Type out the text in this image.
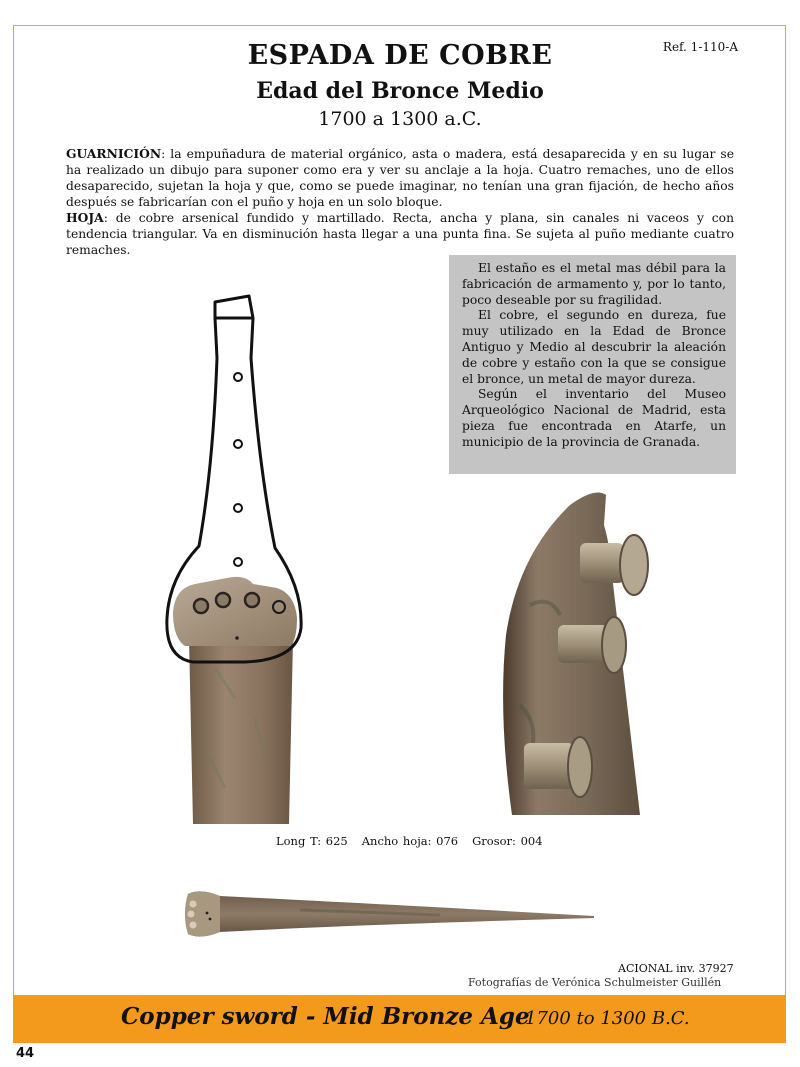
Ref. 1-110-A
ESPADA DE COBRE
Edad del Bronce Medio
1700 a 1300 a.C.

GUARNICIÓN: la empuñadura de material orgánico, asta o madera, está desaparecida y en su lugar se ha realizado un dibujo para suponer como era y ver su anclaje a la hoja. Cuatro remaches, uno de ellos desaparecido, sujetan la hoja y que, como se puede imaginar, no tenían una gran fijación, de hecho años después se fabricarían con el puño y hoja en un solo bloque.

HOJA: de cobre arsenical fundido y martillado. Recta, ancha y plana, sin canales ni vaceos y con tendencia triangular. Va en disminución hasta llegar a una punta fina. Se sujeta al puño mediante cuatro remaches.

El estaño es el metal mas débil para la fabricación de armamento y, por lo tanto, poco deseable por su fragilidad.

El cobre, el segundo en dureza, fue muy utilizado en la Edad de Bronce Antiguo y Medio al descubrir la aleación de cobre y estaño con la que se consigue el bronce, un metal de mayor dureza.

Según el inventario del Museo Arqueológico Nacional de Madrid, esta pieza fue encontrada en Atarfe, un municipio de la provincia de Granada.

Long T: 625 Ancho hoja: 076 Grosor: 004
ACIONAL inv. 37927
Fotografías de Verónica Schulmeister Guillén
Copper sword - Mid Bronze Age
1700 to 1300 B.C.
44
